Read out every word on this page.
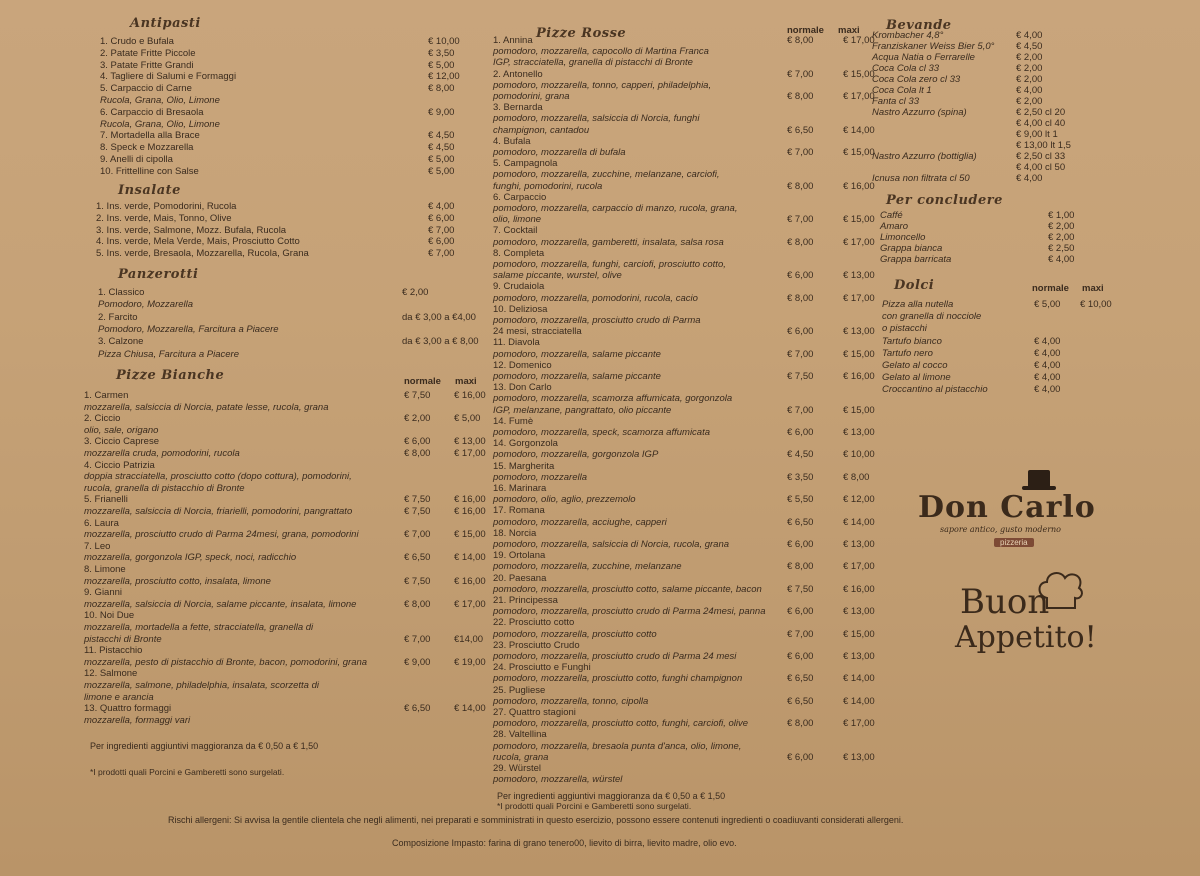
Antipasti
1. Crudo e Bufala	€ 10,00
2. Patate Fritte Piccole	€ 3,50
3. Patate Fritte Grandi	€ 5,00
4. Tagliere di Salumi e Formaggi	€ 12,00
5. Carpaccio di Carne	€ 8,00
Rucola, Grana, Olio, Limone
6. Carpaccio di Bresaola	€ 9,00
Rucola, Grana, Olio, Limone
7. Mortadella alla Brace	€ 4,50
8. Speck e Mozzarella	€ 4,50
9. Anelli di cipolla	€ 5,00
10. Frittelline con Salse	€ 5,00
Insalate
1. Ins. verde, Pomodorini, Rucola	€ 4,00
2. Ins. verde, Mais, Tonno, Olive	€ 6,00
3. Ins. verde, Salmone, Mozz. Bufala, Rucola	€ 7,00
4. Ins. verde, Mela Verde, Mais, Prosciutto Cotto	€ 6,00
5. Ins. verde, Bresaola, Mozzarella, Rucola, Grana	€ 7,00
Panzerotti
1. Classico	€ 2,00
Pomodoro, Mozzarella
2. Farcito	da € 3,00 a €4,00
Pomodoro, Mozzarella, Farcitura a Piacere
3. Calzone	da € 3,00 a € 8,00
Pizza Chiusa, Farcitura a Piacere
Pizze Bianche	normale maxi
1. Carmen	€ 7,50 € 16,00
mozzarella, salsiccia di Norcia, patate lesse, rucola, grana
2. Ciccio	€ 2,00 € 5,00
olio, sale, origano
3. Ciccio Caprese	€ 6,00 € 13,00
mozzarella cruda, pomodorini, rucola	€ 8,00 € 17,00
4. Ciccio Patrizia
doppia stracciatella, prosciutto cotto (dopo cottura), pomodorini,
rucola, granella di pistacchio di Bronte
5. Frianelli	€ 7,50 € 16,00
mozzarella, salsiccia di Norcia, friarielli, pomodorini, pangrattato	€ 7,50 € 16,00
6. Laura
mozzarella, prosciutto crudo di Parma 24mesi, grana, pomodorini	€ 7,00 € 15,00
7. Leo
mozzarella, gorgonzola IGP, speck, noci, radicchio	€ 6,50 € 14,00
8. Limone
mozzarella, prosciutto cotto, insalata, limone	€ 7,50 € 16,00
9. Gianni
mozzarella, salsiccia di Norcia, salame piccante, insalata, limone	€ 8,00 € 17,00
10. Noi Due
mozzarella, mortadella a fette, stracciatella, granella di
pistacchi di Bronte	€ 7,00 €14,00
11. Pistacchio
mozzarella, pesto di pistacchio di Bronte, bacon, pomodorini, grana	€ 9,00 € 19,00
12. Salmone
mozzarella, salmone, philadelphia, insalata, scorzetta di
limone e arancia
13. Quattro formaggi	€ 6,50 € 14,00
mozzarella, formaggi vari
Per ingredienti aggiuntivi maggioranza da € 0,50 a € 1,50
*I prodotti quali Porcini e Gamberetti sono surgelati.
Pizze Rosse	normale maxi
1. Annina	€ 8,00	€ 17,00
pomodoro, mozzarella, capocollo di Martina Franca
IGP, stracciatella, granella di pistacchi di Bronte
2. Antonello	€ 7,00	€ 15,00
pomodoro, mozzarella, tonno, capperi, philadelphia,
pomodorini, grana	€ 8,00	€ 17,00
3. Bernarda
pomodoro, mozzarella, salsiccia di Norcia, funghi
champignon, cantadou	€ 6,50	€ 14,00
4. Bufala
pomodoro, mozzarella di bufala	€ 7,00	€ 15,00
5. Campagnola
pomodoro, mozzarella, zucchine, melanzane, carciofi,
funghi, pomodorini, rucola	€ 8,00	€ 16,00
6. Carpaccio
pomodoro, mozzarella, carpaccio di manzo, rucola, grana,
olio, limone	€ 7,00	€ 15,00
7. Cocktail
pomodoro, mozzarella, gamberetti, insalata, salsa rosa	€ 8,00	€ 17,00
8. Completa
pomodoro, mozzarella, funghi, carciofi, prosciutto cotto,
salame piccante, wurstel, olive	€ 6,00	€ 13,00
9. Crudaiola
pomodoro, mozzarella, pomodorini, rucola, cacio	€ 8,00	€ 17,00
10. Deliziosa
pomodoro, mozzarella, prosciutto crudo di Parma
24 mesi, stracciatella	€ 6,00	€ 13,00
11. Diavola
pomodoro, mozzarella, salame piccante	€ 7,00	€ 15,00
12. Domenico
pomodoro, mozzarella, salame piccante	€ 7,50	€ 16,00
13. Don Carlo
pomodoro, mozzarella, scamorza affumicata, gorgonzola
IGP, melanzane, pangrattato, olio piccante	€ 7,00	€ 15,00
14. Fumè
pomodoro, mozzarella, speck, scamorza affumicata	€ 6,00	€ 13,00
14. Gorgonzola
pomodoro, mozzarella, gorgonzola IGP	€ 4,50	€ 10,00
15. Margherita
pomodoro, mozzarella	€ 3,50	€ 8,00
16. Marinara
pomodoro, olio, aglio, prezzemolo	€ 5,50	€ 12,00
17. Romana
pomodoro, mozzarella, acciughe, capperi	€ 6,50	€ 14,00
18. Norcia
pomodoro, mozzarella, salsiccia di Norcia, rucola, grana	€ 6,00	€ 13,00
19. Ortolana
pomodoro, mozzarella, zucchine, melanzane	€ 8,00	€ 17,00
20. Paesana
pomodoro, mozzarella, prosciutto cotto, salame piccante, bacon	€ 7,50	€ 16,00
21. Principessa
pomodoro, mozzarella, prosciutto crudo di Parma 24mesi, panna € 6,00	€ 13,00
22. Prosciutto cotto
pomodoro, mozzarella, prosciutto cotto	€ 7,00	€ 15,00
23. Prosciutto Crudo
pomodoro, mozzarella, prosciutto crudo di Parma 24 mesi	€ 6,00	€ 13,00
24. Prosciutto e Funghi
pomodoro, mozzarella, prosciutto cotto, funghi champignon	€ 6,50	€ 14,00
25. Pugliese
pomodoro, mozzarella, tonno, cipolla	€ 6,50	€ 14,00
27. Quattro stagioni
pomodoro, mozzarella, prosciutto cotto, funghi, carciofi, olive	€ 8,00	€ 17,00
28. Valtellina
pomodoro, mozzarella, bresaola punta d'anca, olio, limone,
rucola, grana	€ 6,00	€ 13,00
29. Würstel
pomodoro, mozzarella, würstel
Per ingredienti aggiuntivi maggioranza da € 0,50 a € 1,50
*I prodotti quali Porcini e Gamberetti sono surgelati.
Bevande
Krombacher 4,8°	€ 4,00
Franziskaner Weiss Bier 5,0° € 4,50
Acqua Natia o Ferrarelle	€ 2,00
Coca Cola cl 33	€ 2,00
Coca Cola zero cl 33	€ 2,00
Coca Cola lt 1	€ 4,00
Fanta cl 33	€ 2,00
Nastro Azzurro (spina)	€ 2,50 cl 20
€ 4,00 cl 40
€ 9,00 lt 1
€ 13,00 lt 1,5
Nastro Azzurro (bottiglia)	€ 2,50 cl 33
€ 4,00 cl 50
Icnusa non filtrata cl 50	€ 4,00
Per concludere
Caffé	€ 1,00
Amaro	€ 2,00
Limoncello	€ 2,00
Grappa bianca	€ 2,50
Grappa barricata	€ 4,00
Dolci	normale maxi
Pizza alla nutella	€ 5,00 € 10,00
con granella di nocciole
o pistacchi
Tartufo bianco	€ 4,00
Tartufo nero	€ 4,00
Gelato al cocco	€ 4,00
Gelato al limone	€ 4,00
Croccantino al pistacchio	€ 4,00
Don Carlo
sapore antico, gusto moderno
pizzeria
Buon
Appetito!
Rischi allergeni: Si avvisa la gentile clientela che negli alimenti, nei preparati e somministrati in questo esercizio, possono essere contenuti ingredienti o coadiuvanti considerati allergeni.
Composizione Impasto: farina di grano tenero00, lievito di birra, lievito madre, olio evo.
